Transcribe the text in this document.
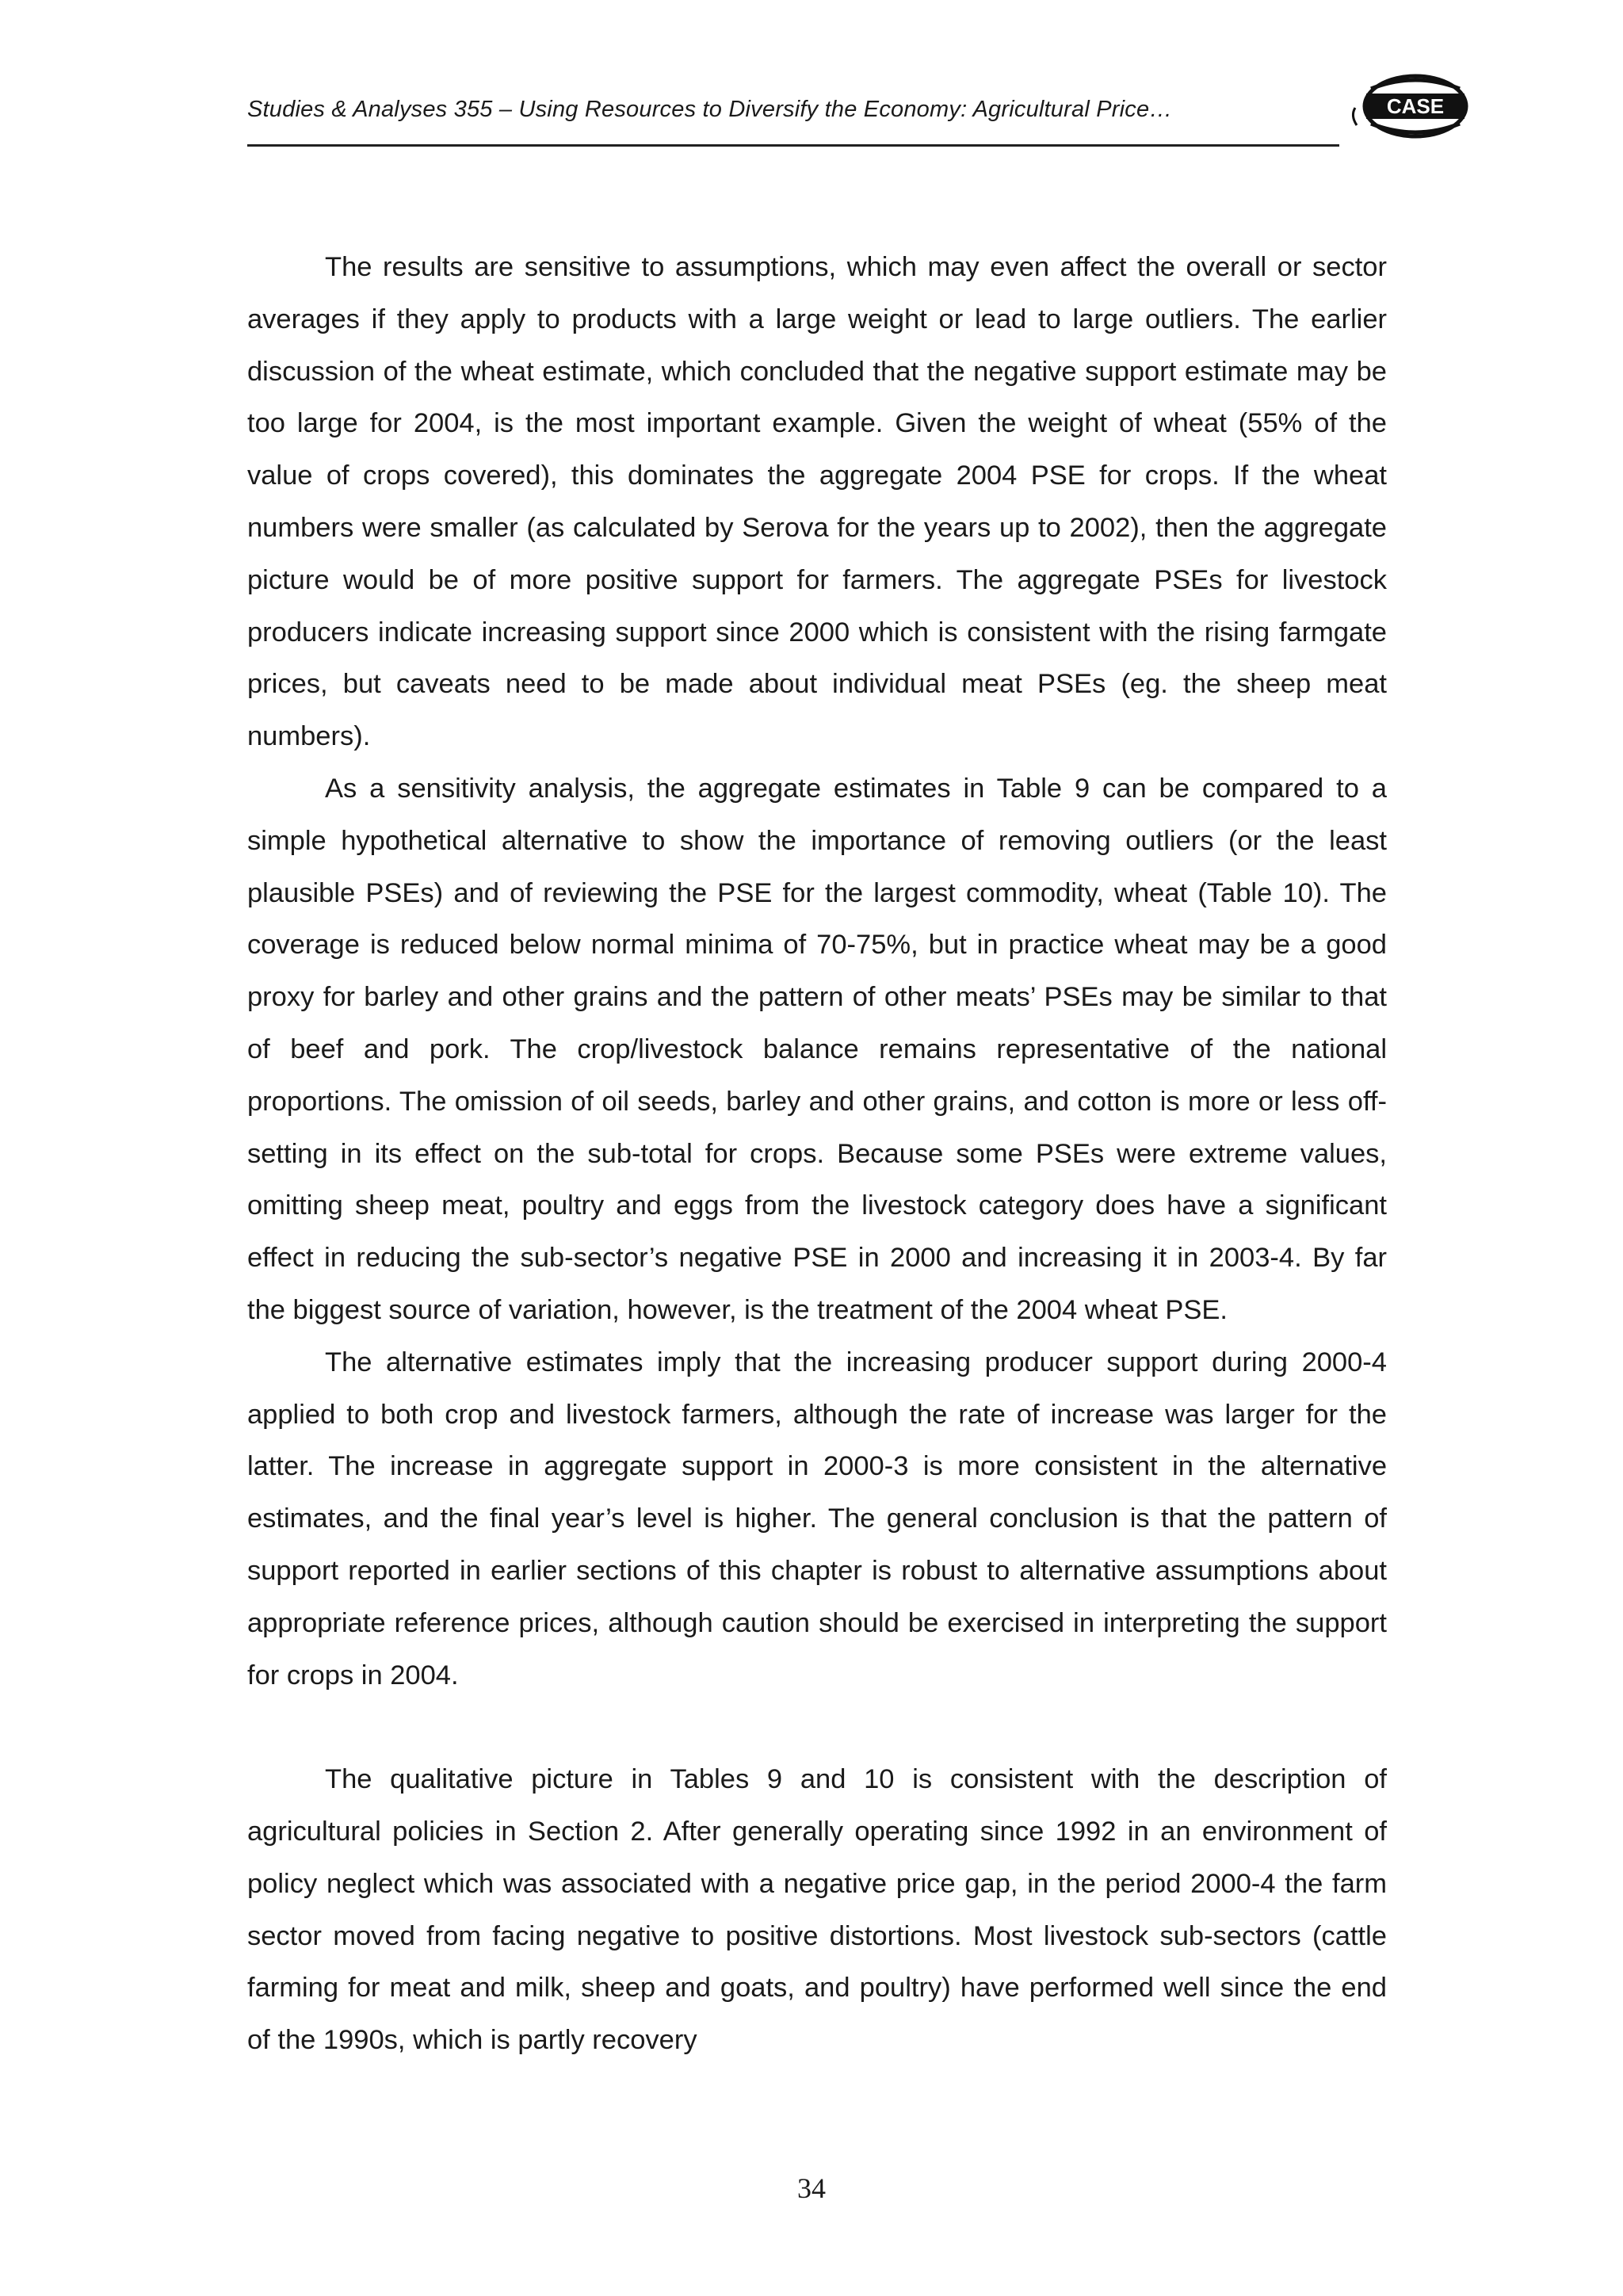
Studies & Analyses 355 – Using Resources to Diversify the Economy: Agricultural Price…	CASE

The results are sensitive to assumptions, which may even affect the overall or sector averages if they apply to products with a large weight or lead to large outliers. The earlier discussion of the wheat estimate, which concluded that the negative support estimate may be too large for 2004, is the most important example. Given the weight of wheat (55% of the value of crops covered), this dominates the aggregate 2004 PSE for crops. If the wheat numbers were smaller (as calculated by Serova for the years up to 2002), then the aggregate picture would be of more positive support for farmers. The aggregate PSEs for livestock producers indicate increasing support since 2000 which is consistent with the rising farmgate prices, but caveats need to be made about individual meat PSEs (eg. the sheep meat numbers).

As a sensitivity analysis, the aggregate estimates in Table 9 can be compared to a simple hypothetical alternative to show the importance of removing outliers (or the least plausible PSEs) and of reviewing the PSE for the largest commodity, wheat (Table 10). The coverage is reduced below normal minima of 70-75%, but in practice wheat may be a good proxy for barley and other grains and the pattern of other meats’ PSEs may be similar to that of beef and pork. The crop/livestock balance remains representative of the national proportions. The omission of oil seeds, barley and other grains, and cotton is more or less off-setting in its effect on the sub-total for crops. Because some PSEs were extreme values, omitting sheep meat, poultry and eggs from the livestock category does have a significant effect in reducing the sub-sector’s negative PSE in 2000 and increasing it in 2003-4. By far the biggest source of variation, however, is the treatment of the 2004 wheat PSE.

The alternative estimates imply that the increasing producer support during 2000-4 applied to both crop and livestock farmers, although the rate of increase was larger for the latter. The increase in aggregate support in 2000-3 is more consistent in the alternative estimates, and the final year’s level is higher. The general conclusion is that the pattern of support reported in earlier sections of this chapter is robust to alternative assumptions about appropriate reference prices, although caution should be exercised in interpreting the support for crops in 2004.

The qualitative picture in Tables 9 and 10 is consistent with the description of agricultural policies in Section 2. After generally operating since 1992 in an environment of policy neglect which was associated with a negative price gap, in the period 2000-4 the farm sector moved from facing negative to positive distortions. Most livestock sub-sectors (cattle farming for meat and milk, sheep and goats, and poultry) have performed well since the end of the 1990s, which is partly recovery

34
